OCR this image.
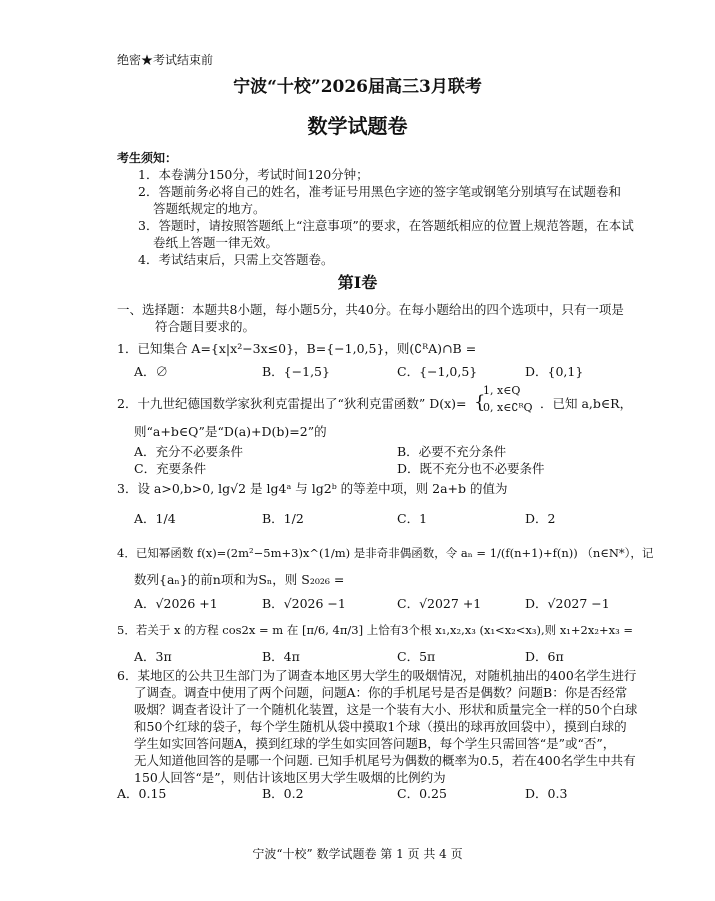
绝密★考试结束前
宁波“十校”2026届高三3月联考
数学试题卷
考生须知：
1．本卷满分150分，考试时间120分钟；
2．答题前务必将自己的姓名，准考证号用黑色字迹的签字笔或钢笔分别填写在试题卷和
答题纸规定的地方。
3．答题时，请按照答题纸上“注意事项”的要求，在答题纸相应的位置上规范答题，在本试
卷纸上答题一律无效。
4．考试结束后，只需上交答题卷。
第Ⅰ卷
一、选择题：本题共8小题，每小题5分，共40分。在每小题给出的四个选项中，只有一项是
符合题目要求的。
1．已知集合 A={x|x²−3x≤0}，B={−1,0,5}，则(∁ᴿA)∩B =
A．∅	B．{−1,5}	C．{−1,0,5}	D．{0,1}
2．十九世纪德国数学家狄利克雷提出了“狄利克雷函数” D(x)= {
1, x∈Q
0, x∈∁ᴿQ ．已知 a,b∈R，
则“a+b∈Q”是“D(a)+D(b)=2”的
A．充分不必要条件	B．必要不充分条件
C．充要条件	D．既不充分也不必要条件
3．设 a>0,b>0, lg√2 是 lg4ᵃ 与 lg2ᵇ 的等差中项，则 2a+b 的值为
A．1/4	B．1/2	C．1	D．2
4．已知幂函数 f(x)=(2m²−5m+3)x^(1/m) 是非奇非偶函数，令 aₙ = 1/(f(n+1)+f(n)) （n∈N*），记
数列{aₙ}的前n项和为Sₙ，则 S₂₀₂₆ =
A．√2026 +1	B．√2026 −1	C．√2027 +1	D．√2027 −1
5．若关于 x 的方程 cos2x = m 在 [π/6, 4π/3] 上恰有3个根 x₁,x₂,x₃ (x₁<x₂<x₃),则 x₁+2x₂+x₃ =
A．3π	B．4π	C．5π	D．6π
6．某地区的公共卫生部门为了调查本地区男大学生的吸烟情况，对随机抽出的400名学生进行
了调查。调查中使用了两个问题，问题A：你的手机尾号是否是偶数？问题B：你是否经常
吸烟？调查者设计了一个随机化装置，这是一个装有大小、形状和质量完全一样的50个白球
和50个红球的袋子，每个学生随机从袋中摸取1个球（摸出的球再放回袋中），摸到白球的
学生如实回答问题A，摸到红球的学生如实回答问题B，每个学生只需回答“是”或“否”，
无人知道他回答的是哪一个问题. 已知手机尾号为偶数的概率为0.5，若在400名学生中共有
150人回答“是”，则估计该地区男大学生吸烟的比例约为
A．0.15	B．0.2	C．0.25	D．0.3
宁波“十校” 数学试题卷 第 1 页 共 4 页
